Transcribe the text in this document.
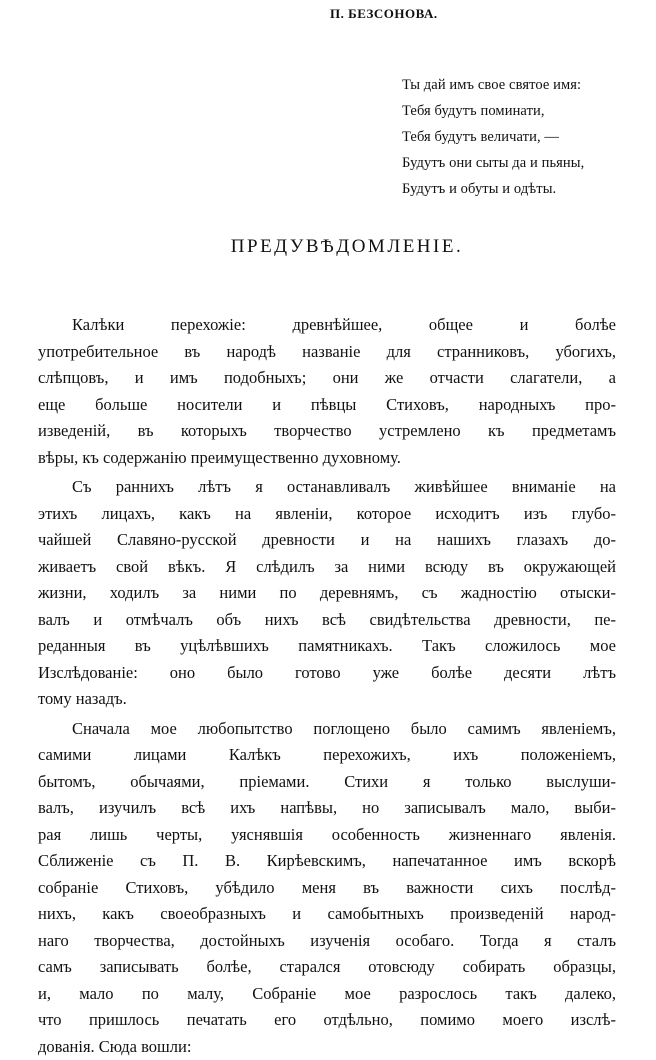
П. БЕЗСОНОВА.
Ты дай имъ свое святое имя:
Тебя будутъ поминати,
Тебя будутъ величати, —
Будутъ они сыты да и пьяны,
Будутъ и обуты и одѣты.
ПРЕДУВѢДОМЛЕНІЕ.
Калѣки перехожіе: древнѣйшее, общее и болѣе
употребительное въ народѣ названіе для странниковъ, убогихъ,
слѣпцовъ, и имъ подобныхъ; они же отчасти слагатели, а
еще больше носители и пѣвцы Стиховъ, народныхъ про-
изведеній, въ которыхъ творчество устремлено къ предметамъ
вѣры, къ содержанію преимущественно духовному.
Съ раннихъ лѣтъ я останавливалъ живѣйшее вниманіе на
этихъ лицахъ, какъ на явленіи, которое исходитъ изъ глубо-
чайшей Славяно-русской древности и на нашихъ глазахъ до-
живаетъ свой вѣкъ. Я слѣдилъ за ними всюду въ окружающей
жизни, ходилъ за ними по деревнямъ, съ жадностію отыски-
валъ и отмѣчалъ объ нихъ всѣ свидѣтельства древности, пе-
реданныя въ уцѣлѣвшихъ памятникахъ. Такъ сложилось мое
Изслѣдованіе: оно было готово уже болѣе десяти лѣтъ
тому назадъ.
Сначала мое любопытство поглощено было самимъ явленіемъ,
самими лицами Калѣкъ перехожихъ, ихъ положеніемъ,
бытомъ, обычаями, пріемами. Стихи я только выслуши-
валъ, изучилъ всѣ ихъ напѣвы, но записывалъ мало, выби-
рая лишь черты, уяснявшія особенность жизненнаго явленія.
Сближеніе съ П. В. Кирѣевскимъ, напечатанное имъ вскорѣ
собраніе Стиховъ, убѣдило меня въ важности сихъ послѣд-
нихъ, какъ своеобразныхъ и самобытныхъ произведеній народ-
наго творчества, достойныхъ изученія особаго. Тогда я сталъ
самъ записывать болѣе, старался отовсюду собирать образцы,
и, мало по малу, Собраніе мое разрослось такъ далеко,
что пришлось печатать его отдѣльно, помимо моего изслѣ-
дованія. Сюда вошли:
